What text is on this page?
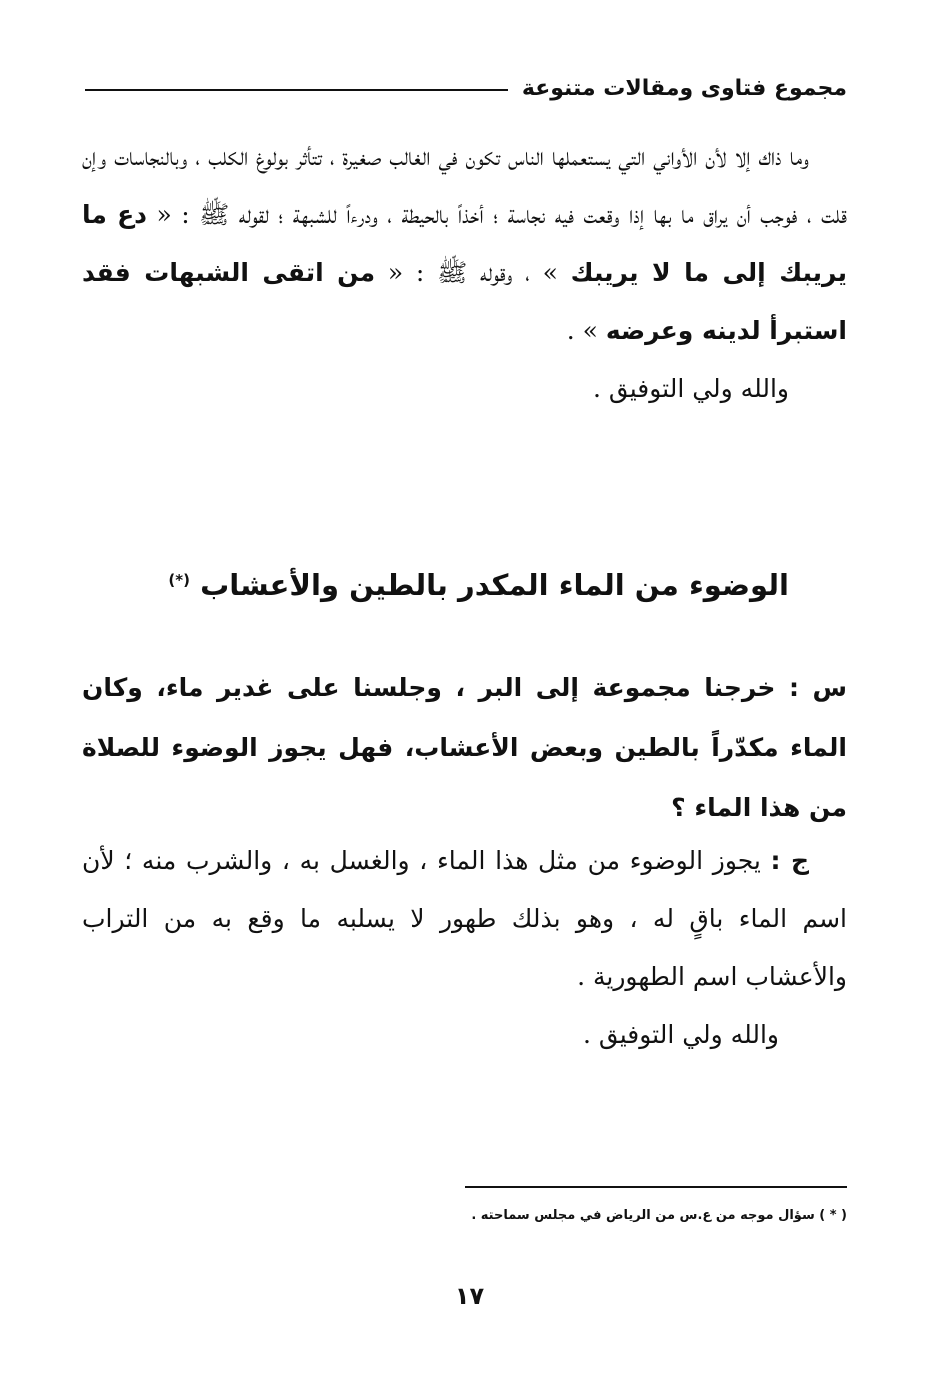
مجموع فتاوى ومقالات متنوعة

وما ذاك إلا لأن الأواني التي يستعملها الناس تكون في الغالب صغيرة ، تتأثر بولوغ الكلب ، وبالنجاسات وإن قلت ، فوجب أن يراق ما بها إذا وقعت فيه نجاسة ؛ أخذاً بالحيطة ، ودرءاً للشبهة ؛ لقوله ﷺ : « دع ما يريبك إلى ما لا يريبك » ، وقوله ﷺ : « من اتقى الشبهات فقد استبرأ لدينه وعرضه » .

والله ولي التوفيق .

الوضوء من الماء المكدر بالطين والأعشاب (*)

س : خرجنا مجموعة إلى البر ، وجلسنا على غدير ماء، وكان الماء مكدّراً بالطين وبعض الأعشاب، فهل يجوز الوضوء للصلاة من هذا الماء ؟

ج : يجوز الوضوء من مثل هذا الماء ، والغسل به ، والشرب منه ؛ لأن اسم الماء باقٍ له ، وهو بذلك طهور لا يسلبه ما وقع به من التراب والأعشاب اسم الطهورية .

والله ولي التوفيق .

( * ) سؤال موجه من ع.س من الرياض في مجلس سماحته .
١٧
